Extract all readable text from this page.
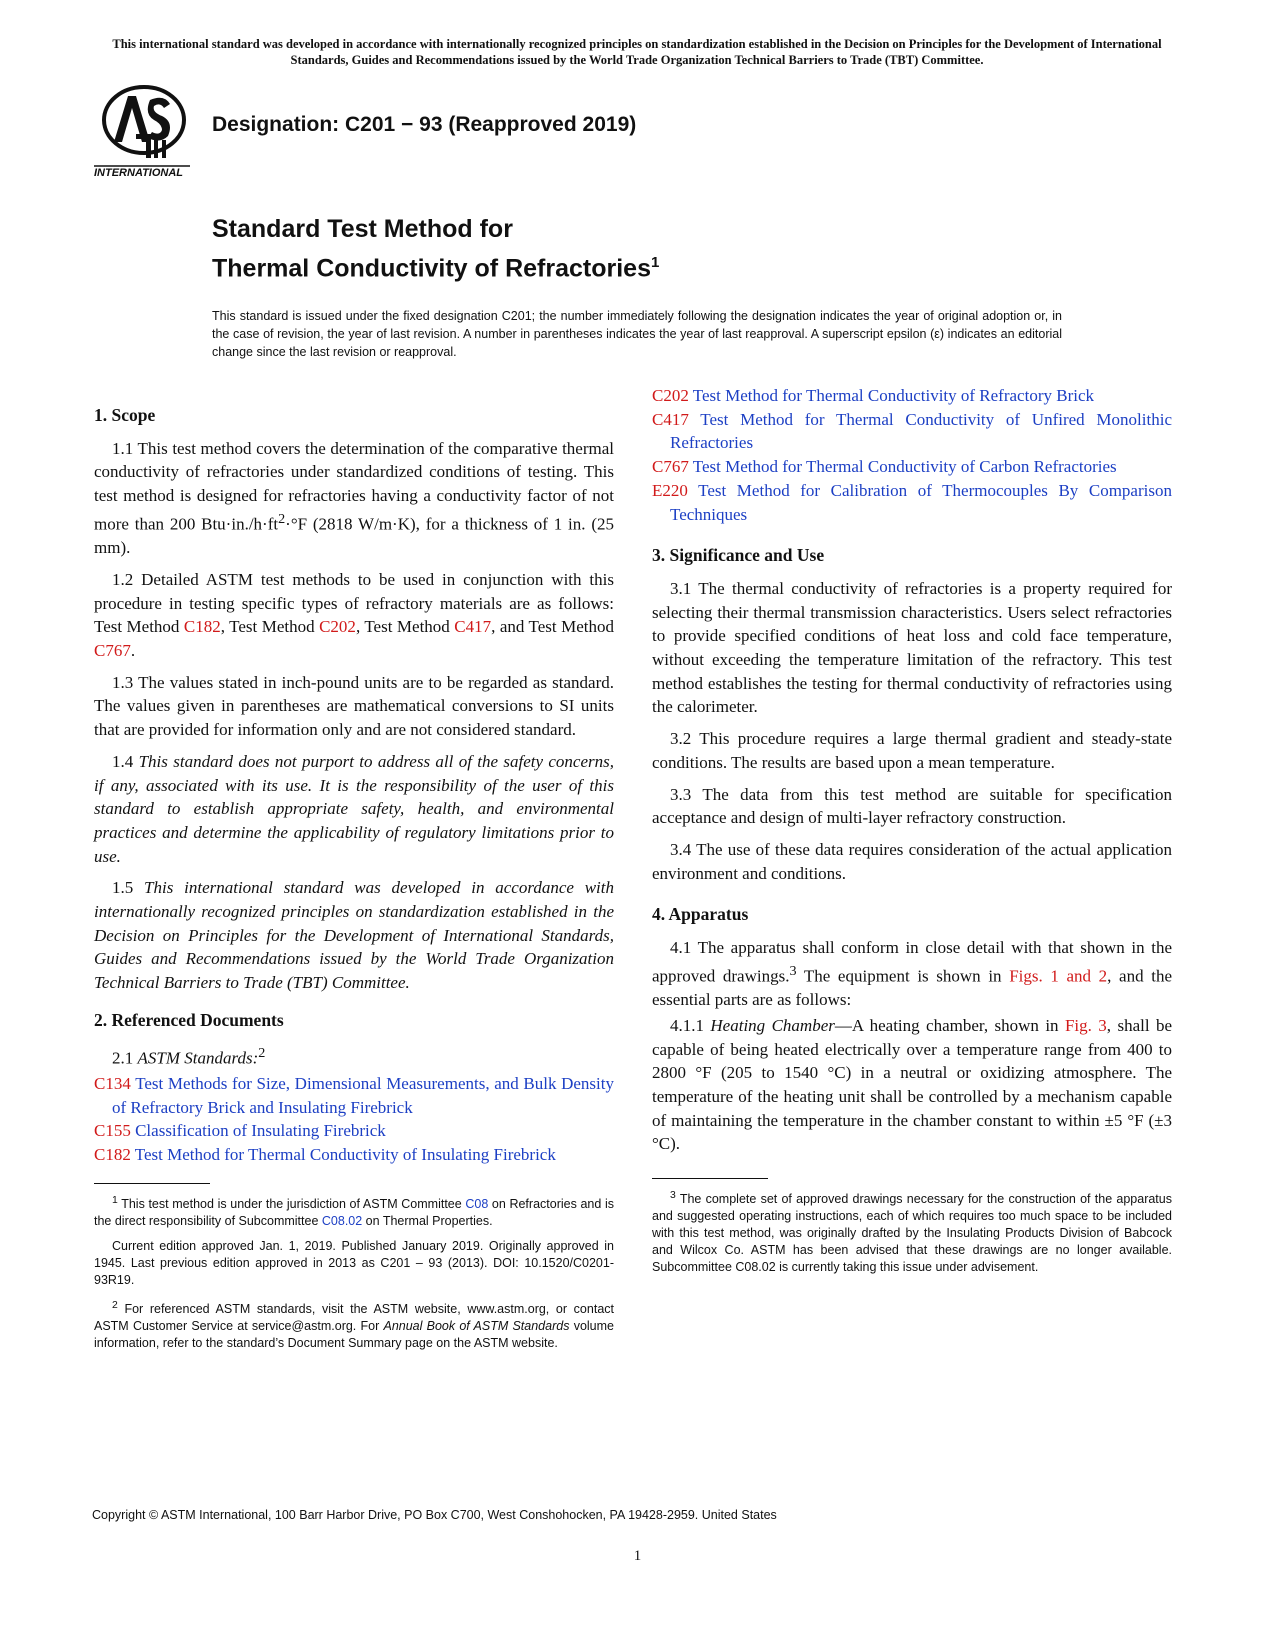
This international standard was developed in accordance with internationally recognized principles on standardization established in the Decision on Principles for the Development of International Standards, Guides and Recommendations issued by the World Trade Organization Technical Barriers to Trade (TBT) Committee.
INTERNATIONAL
Designation: C201 − 93 (Reapproved 2019)
Standard Test Method for
Thermal Conductivity of Refractories$^1$
This standard is issued under the fixed designation C201; the number immediately following the designation indicates the year of original adoption or, in the case of revision, the year of last revision. A number in parentheses indicates the year of last reapproval. A superscript epsilon (ε) indicates an editorial change since the last revision or reapproval.
1. Scope

1.1 This test method covers the determination of the comparative thermal conductivity of refractories under standardized conditions of testing. This test method is designed for refractories having a conductivity factor of not more than 200 $Btu\cdot in./h\cdot ft^2\cdot^\circ F$ (2818 W/m·K), for a thickness of 1 in. (25 mm).

1.2 Detailed ASTM test methods to be used in conjunction with this procedure in testing specific types of refractory materials are as follows: Test Method C182, Test Method C202, Test Method C417, and Test Method C767.

1.3 The values stated in inch-pound units are to be regarded as standard. The values given in parentheses are mathematical conversions to SI units that are provided for information only and are not considered standard.

1.4 This standard does not purport to address all of the safety concerns, if any, associated with its use. It is the responsibility of the user of this standard to establish appropriate safety, health, and environmental practices and determine the applicability of regulatory limitations prior to use.

1.5 This international standard was developed in accordance with internationally recognized principles on standardization established in the Decision on Principles for the Development of International Standards, Guides and Recommendations issued by the World Trade Organization Technical Barriers to Trade (TBT) Committee.

2. Referenced Documents

2.1 ASTM Standards:$^2$

C134 Test Methods for Size, Dimensional Measurements, and Bulk Density of Refractory Brick and Insulating Firebrick
C155 Classification of Insulating Firebrick
C182 Test Method for Thermal Conductivity of Insulating Firebrick

$^1$ This test method is under the jurisdiction of ASTM Committee C08 on Refractories and is the direct responsibility of Subcommittee C08.02 on Thermal Properties.

Current edition approved Jan. 1, 2019. Published January 2019. Originally approved in 1945. Last previous edition approved in 2013 as C201 – 93 (2013). DOI: 10.1520/C0201-93R19.

$^2$ For referenced ASTM standards, visit the ASTM website, www.astm.org, or contact ASTM Customer Service at service@astm.org. For Annual Book of ASTM Standards volume information, refer to the standard’s Document Summary page on the ASTM website.

C202 Test Method for Thermal Conductivity of Refractory Brick
C417 Test Method for Thermal Conductivity of Unfired Monolithic Refractories
C767 Test Method for Thermal Conductivity of Carbon Refractories
E220 Test Method for Calibration of Thermocouples By Comparison Techniques
3. Significance and Use

3.1 The thermal conductivity of refractories is a property required for selecting their thermal transmission characteristics. Users select refractories to provide specified conditions of heat loss and cold face temperature, without exceeding the temperature limitation of the refractory. This test method establishes the testing for thermal conductivity of refractories using the calorimeter.

3.2 This procedure requires a large thermal gradient and steady-state conditions. The results are based upon a mean temperature.

3.3 The data from this test method are suitable for specification acceptance and design of multi-layer refractory construction.

3.4 The use of these data requires consideration of the actual application environment and conditions.

4. Apparatus

4.1 The apparatus shall conform in close detail with that shown in the approved drawings.$^3$ The equipment is shown in Figs. 1 and 2, and the essential parts are as follows:

4.1.1 Heating Chamber—A heating chamber, shown in Fig. 3, shall be capable of being heated electrically over a temperature range from 400 to 2800 °F (205 to 1540 °C) in a neutral or oxidizing atmosphere. The temperature of the heating unit shall be controlled by a mechanism capable of maintaining the temperature in the chamber constant to within ±5 °F (±3 °C).

$^3$ The complete set of approved drawings necessary for the construction of the apparatus and suggested operating instructions, each of which requires too much space to be included with this test method, was originally drafted by the Insulating Products Division of Babcock and Wilcox Co. ASTM has been advised that these drawings are no longer available. Subcommittee C08.02 is currently taking this issue under advisement.

Copyright © ASTM International, 100 Barr Harbor Drive, PO Box C700, West Conshohocken, PA 19428-2959. United States
1
